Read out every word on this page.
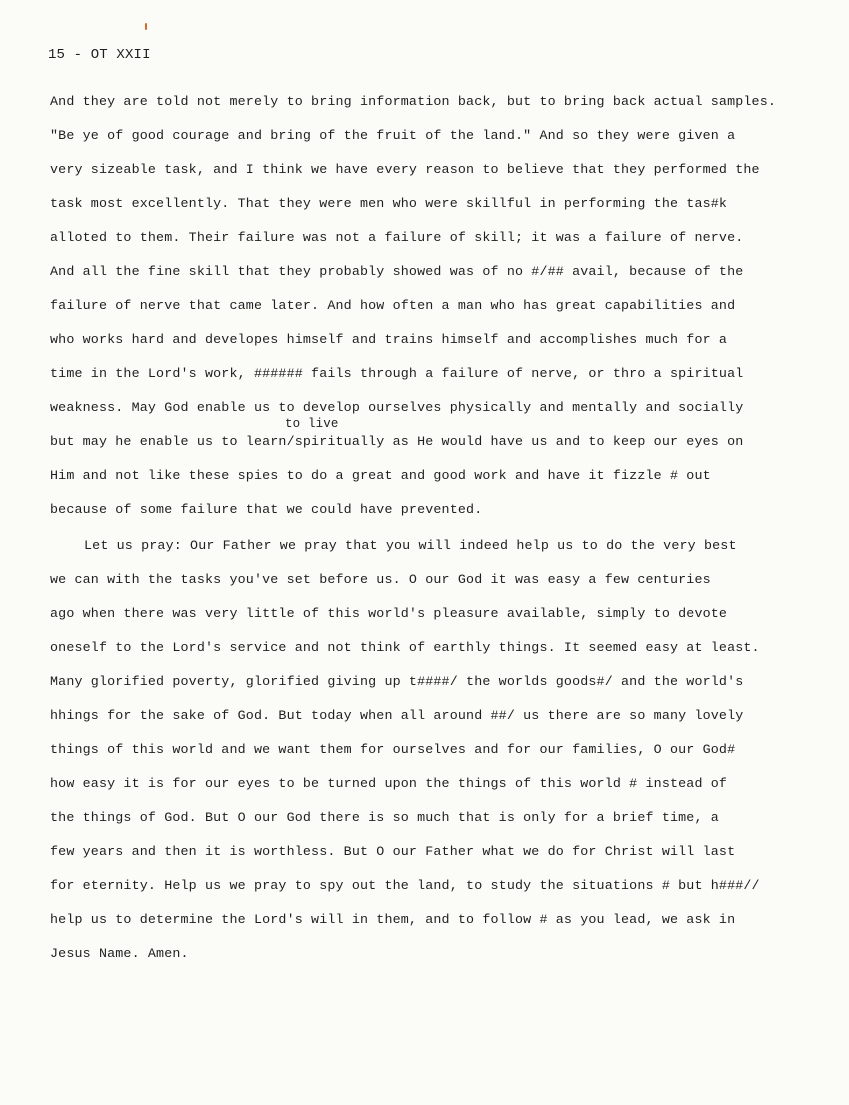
15 - OT XXII

And they are told not merely to bring information back, but to bring back actual samples.

"Be ye of good courage and bring of the fruit of the land." And so they were given a

very sizeable task, and I think we have every reason to believe that they performed the

task most excellently. That they were men who were skillful in performing the tas#k

alloted to them. Their failure was not a failure of skill; it was a failure of nerve.

And all the fine skill that they probably showed was of no #/## avail, because of the

failure of nerve that came later. And how often a man who has great capabilities and

who works hard and developes himself and trains himself and accomplishes much for a

time in the Lord's work, ###### fails through a failure of nerve, or thro a spiritual

weakness. May God enable us to develop ourselves physically and mentally and socially

to live

but may he enable us to learn/spiritually as He would have us and to keep our eyes on

Him and not like these spies to do a great and good work and have it fizzle # out

because of some failure that we could have prevented.

Let us pray: Our Father we pray that you will indeed help us to do the very best

we can with the tasks you've set before us. O our God it was easy a few centuries

ago when there was very little of this world's pleasure available, simply to devote

oneself to the Lord's service and not think of earthly things. It seemed easy at least.

Many glorified poverty, glorified giving up t####/ the worlds goods#/ and the world's

hhings for the sake of God. But today when all around ##/ us there are so many lovely

things of this world and we want them for ourselves and for our families, O our God#

how easy it is for our eyes to be turned upon the things of this world # instead of

the things of God. But O our God there is so much that is only for a brief time, a

few years and then it is worthless. But O our Father what we do for Christ will last

for eternity. Help us we pray to spy out the land, to study the situations # but h###//

help us to determine the Lord's will in them, and to follow # as you lead, we ask in

Jesus Name. Amen.
